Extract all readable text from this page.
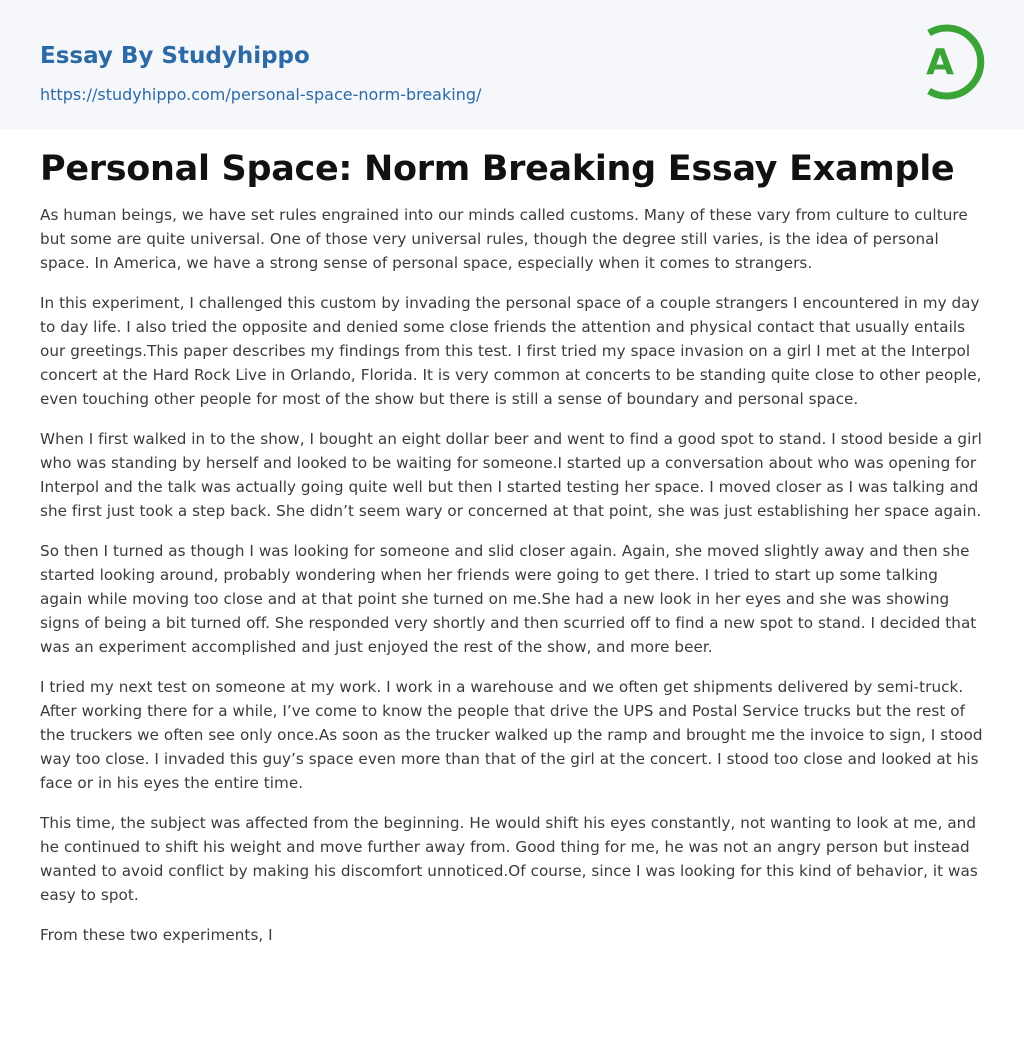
Essay By Studyhippo
https://studyhippo.com/personal-space-norm-breaking/
A
Personal Space: Norm Breaking Essay Example

As human beings, we have set rules engrained into our minds called customs. Many of these vary from culture to culture but some are quite universal. One of those very universal rules, though the degree still varies, is the idea of personal space. In America, we have a strong sense of personal space, especially when it comes to strangers.

In this experiment, I challenged this custom by invading the personal space of a couple strangers I encountered in my day to day life. I also tried the opposite and denied some close friends the attention and physical contact that usually entails our greetings.This paper describes my findings from this test. I first tried my space invasion on a girl I met at the Interpol concert at the Hard Rock Live in Orlando, Florida. It is very common at concerts to be standing quite close to other people, even touching other people for most of the show but there is still a sense of boundary and personal space.

When I first walked in to the show, I bought an eight dollar beer and went to find a good spot to stand. I stood beside a girl who was standing by herself and looked to be waiting for someone.I started up a conversation about who was opening for Interpol and the talk was actually going quite well but then I started testing her space. I moved closer as I was talking and she first just took a step back. She didn’t seem wary or concerned at that point, she was just establishing her space again.

So then I turned as though I was looking for someone and slid closer again. Again, she moved slightly away and then she started looking around, probably wondering when her friends were going to get there. I tried to start up some talking again while moving too close and at that point she turned on me.She had a new look in her eyes and she was showing signs of being a bit turned off. She responded very shortly and then scurried off to find a new spot to stand. I decided that was an experiment accomplished and just enjoyed the rest of the show, and more beer.

I tried my next test on someone at my work. I work in a warehouse and we often get shipments delivered by semi-truck. After working there for a while, I’ve come to know the people that drive the UPS and Postal Service trucks but the rest of the truckers we often see only once.As soon as the trucker walked up the ramp and brought me the invoice to sign, I stood way too close. I invaded this guy’s space even more than that of the girl at the concert. I stood too close and looked at his face or in his eyes the entire time.

This time, the subject was affected from the beginning. He would shift his eyes constantly, not wanting to look at me, and he continued to shift his weight and move further away from. Good thing for me, he was not an angry person but instead wanted to avoid conflict by making his discomfort unnoticed.Of course, since I was looking for this kind of behavior, it was easy to spot.

From these two experiments, I
